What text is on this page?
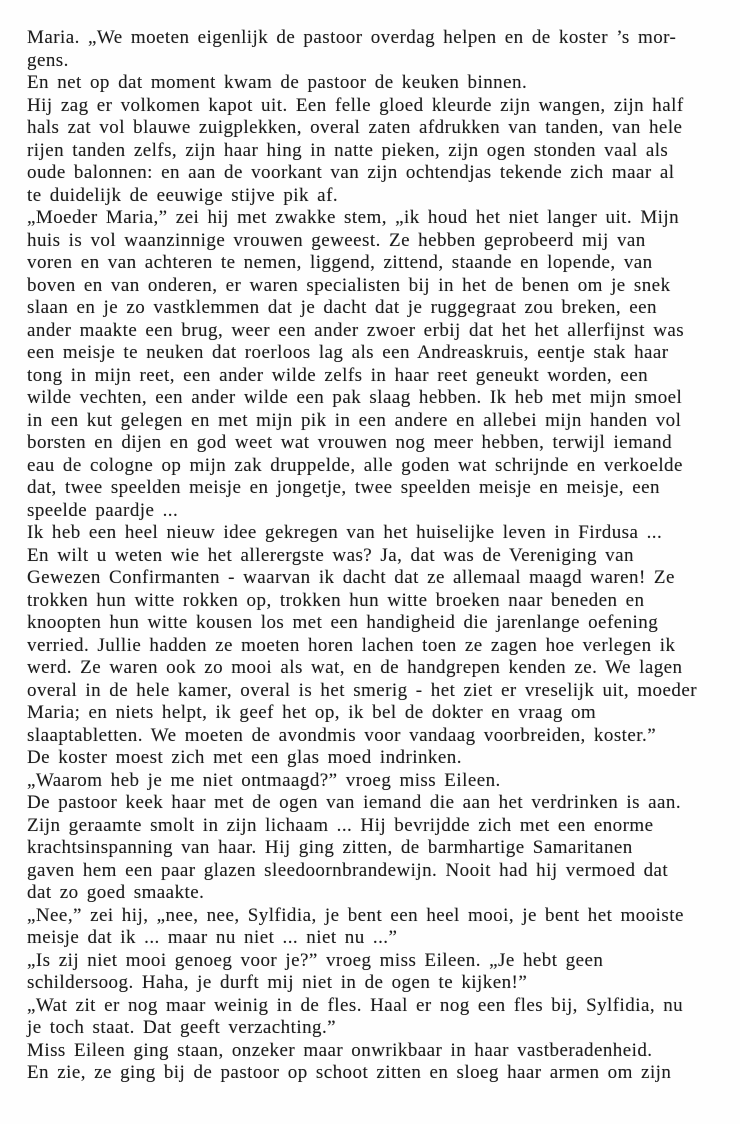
Maria. „We moeten eigenlijk de pastoor overdag helpen en de koster ’s mor-
gens.
En net op dat moment kwam de pastoor de keuken binnen.
Hij zag er volkomen kapot uit. Een felle gloed kleurde zijn wangen, zijn half
hals zat vol blauwe zuigplekken, overal zaten afdrukken van tanden, van hele
rijen tanden zelfs, zijn haar hing in natte pieken, zijn ogen stonden vaal als
oude balonnen: en aan de voorkant van zijn ochtendjas tekende zich maar al
te duidelijk de eeuwige stijve pik af.
„Moeder Maria,” zei hij met zwakke stem, „ik houd het niet langer uit. Mijn
huis is vol waanzinnige vrouwen geweest. Ze hebben geprobeerd mij van
voren en van achteren te nemen, liggend, zittend, staande en lopende, van
boven en van onderen, er waren specialisten bij in het de benen om je snek
slaan en je zo vastklemmen dat je dacht dat je ruggegraat zou breken, een
ander maakte een brug, weer een ander zwoer erbij dat het het allerfijnst was
een meisje te neuken dat roerloos lag als een Andreaskruis, eentje stak haar
tong in mijn reet, een ander wilde zelfs in haar reet geneukt worden, een
wilde vechten, een ander wilde een pak slaag hebben. Ik heb met mijn smoel
in een kut gelegen en met mijn pik in een andere en allebei mijn handen vol
borsten en dijen en god weet wat vrouwen nog meer hebben, terwijl iemand
eau de cologne op mijn zak druppelde, alle goden wat schrijnde en verkoelde
dat, twee speelden meisje en jongetje, twee speelden meisje en meisje, een
speelde paardje ...
Ik heb een heel nieuw idee gekregen van het huiselijke leven in Firdusa ...
En wilt u weten wie het allerergste was? Ja, dat was de Vereniging van
Gewezen Confirmanten - waarvan ik dacht dat ze allemaal maagd waren! Ze
trokken hun witte rokken op, trokken hun witte broeken naar beneden en
knoopten hun witte kousen los met een handigheid die jarenlange oefening
verried. Jullie hadden ze moeten horen lachen toen ze zagen hoe verlegen ik
werd. Ze waren ook zo mooi als wat, en de handgrepen kenden ze. We lagen
overal in de hele kamer, overal is het smerig - het ziet er vreselijk uit, moeder
Maria; en niets helpt, ik geef het op, ik bel de dokter en vraag om
slaaptabletten. We moeten de avondmis voor vandaag voorbreiden, koster.”
De koster moest zich met een glas moed indrinken.
„Waarom heb je me niet ontmaagd?” vroeg miss Eileen.
De pastoor keek haar met de ogen van iemand die aan het verdrinken is aan.
Zijn geraamte smolt in zijn lichaam ... Hij bevrijdde zich met een enorme
krachtsinspanning van haar. Hij ging zitten, de barmhartige Samaritanen
gaven hem een paar glazen sleedoornbrandewijn. Nooit had hij vermoed dat
dat zo goed smaakte.
„Nee,” zei hij, „nee, nee, Sylfidia, je bent een heel mooi, je bent het mooiste
meisje dat ik ... maar nu niet ... niet nu ...”
„Is zij niet mooi genoeg voor je?” vroeg miss Eileen. „Je hebt geen
schildersoog. Haha, je durft mij niet in de ogen te kijken!”
„Wat zit er nog maar weinig in de fles. Haal er nog een fles bij, Sylfidia, nu
je toch staat. Dat geeft verzachting.”
Miss Eileen ging staan, onzeker maar onwrikbaar in haar vastberadenheid.
En zie, ze ging bij de pastoor op schoot zitten en sloeg haar armen om zijn
